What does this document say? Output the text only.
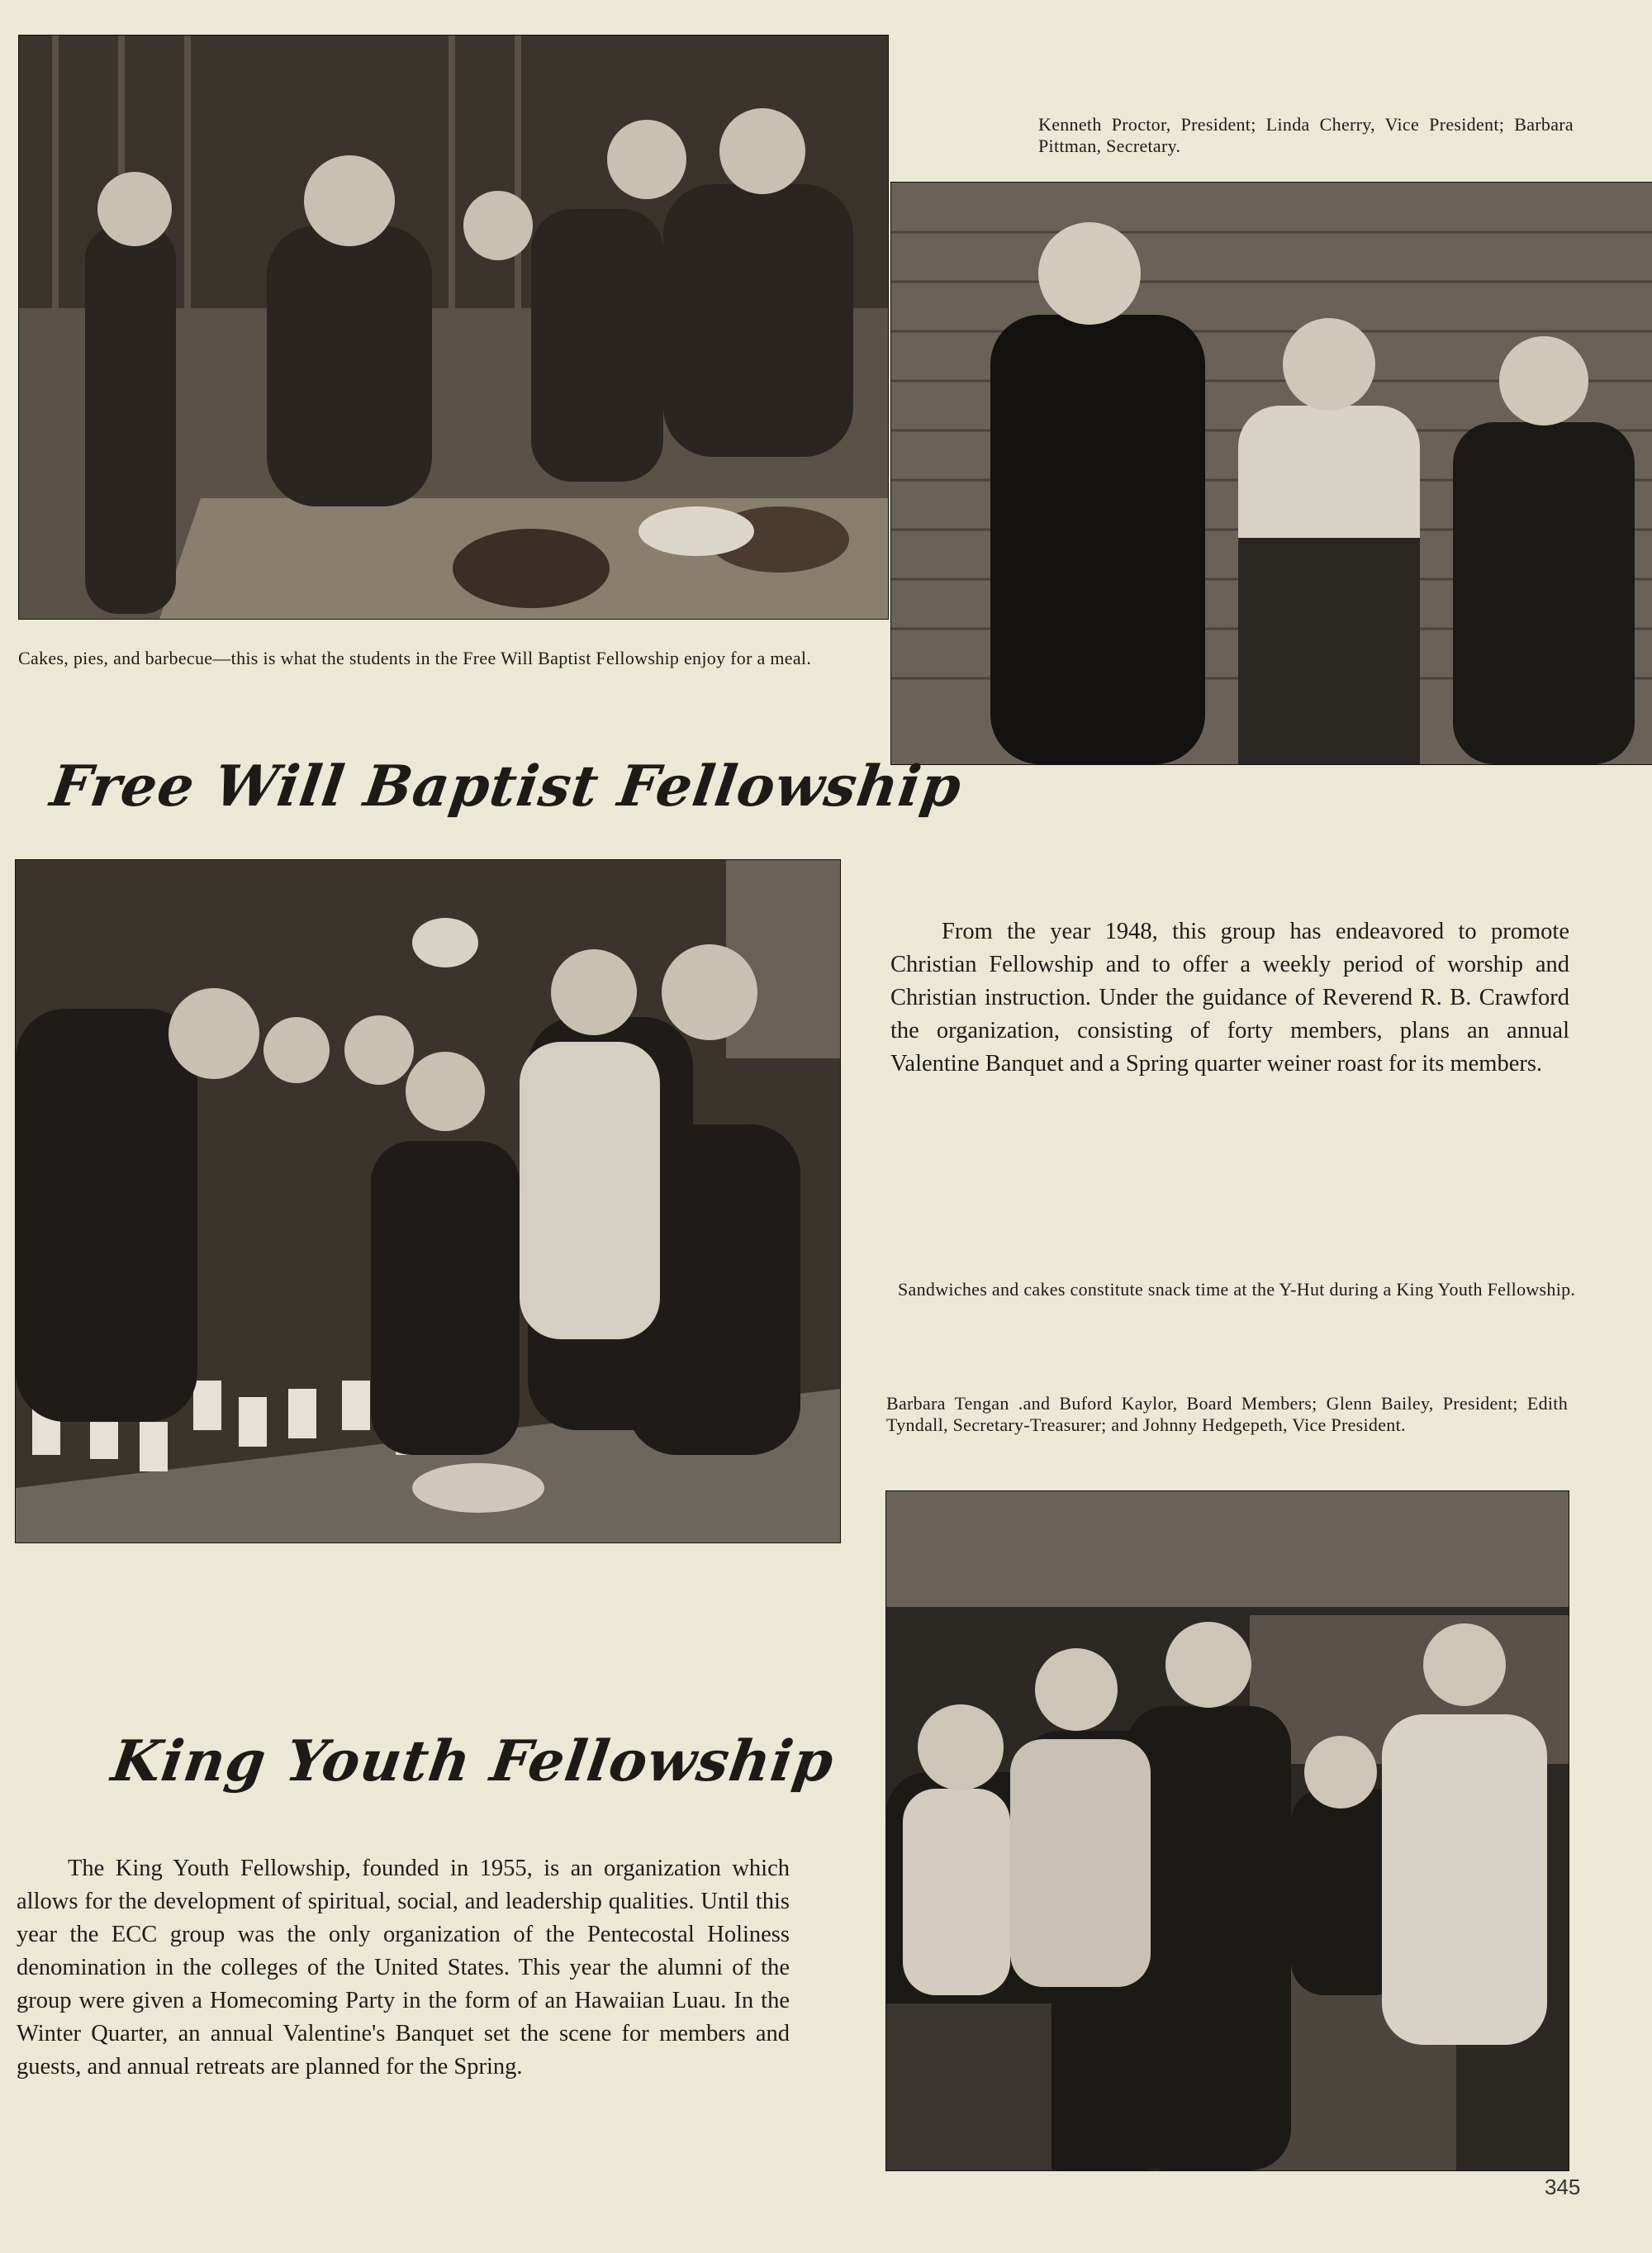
Kenneth Proctor, President; Linda Cherry, Vice President; Barbara Pittman, Secretary.
Cakes, pies, and barbecue—this is what the students in the Free Will Baptist Fellowship enjoy for a meal.
Free Will Baptist Fellowship
From the year 1948, this group has endeavored to promote Christian Fellowship and to offer a weekly period of worship and Christian instruction. Under the guidance of Reverend R. B. Crawford the organization, consisting of forty members, plans an annual Valentine Banquet and a Spring quarter weiner roast for its members.
Sandwiches and cakes constitute snack time at the Y-Hut during a King Youth Fellowship.
Barbara Tengan .and Buford Kaylor, Board Members; Glenn Bailey, President; Edith Tyndall, Secretary-Treasurer; and Johnny Hedgepeth, Vice President.
King Youth Fellowship
The King Youth Fellowship, founded in 1955, is an organization which allows for the development of spiritual, social, and leadership qualities. Until this year the ECC group was the only organization of the Pentecostal Holiness denomination in the colleges of the United States. This year the alumni of the group were given a Homecoming Party in the form of an Hawaiian Luau. In the Winter Quarter, an annual Valentine's Banquet set the scene for members and guests, and annual retreats are planned for the Spring.
345
